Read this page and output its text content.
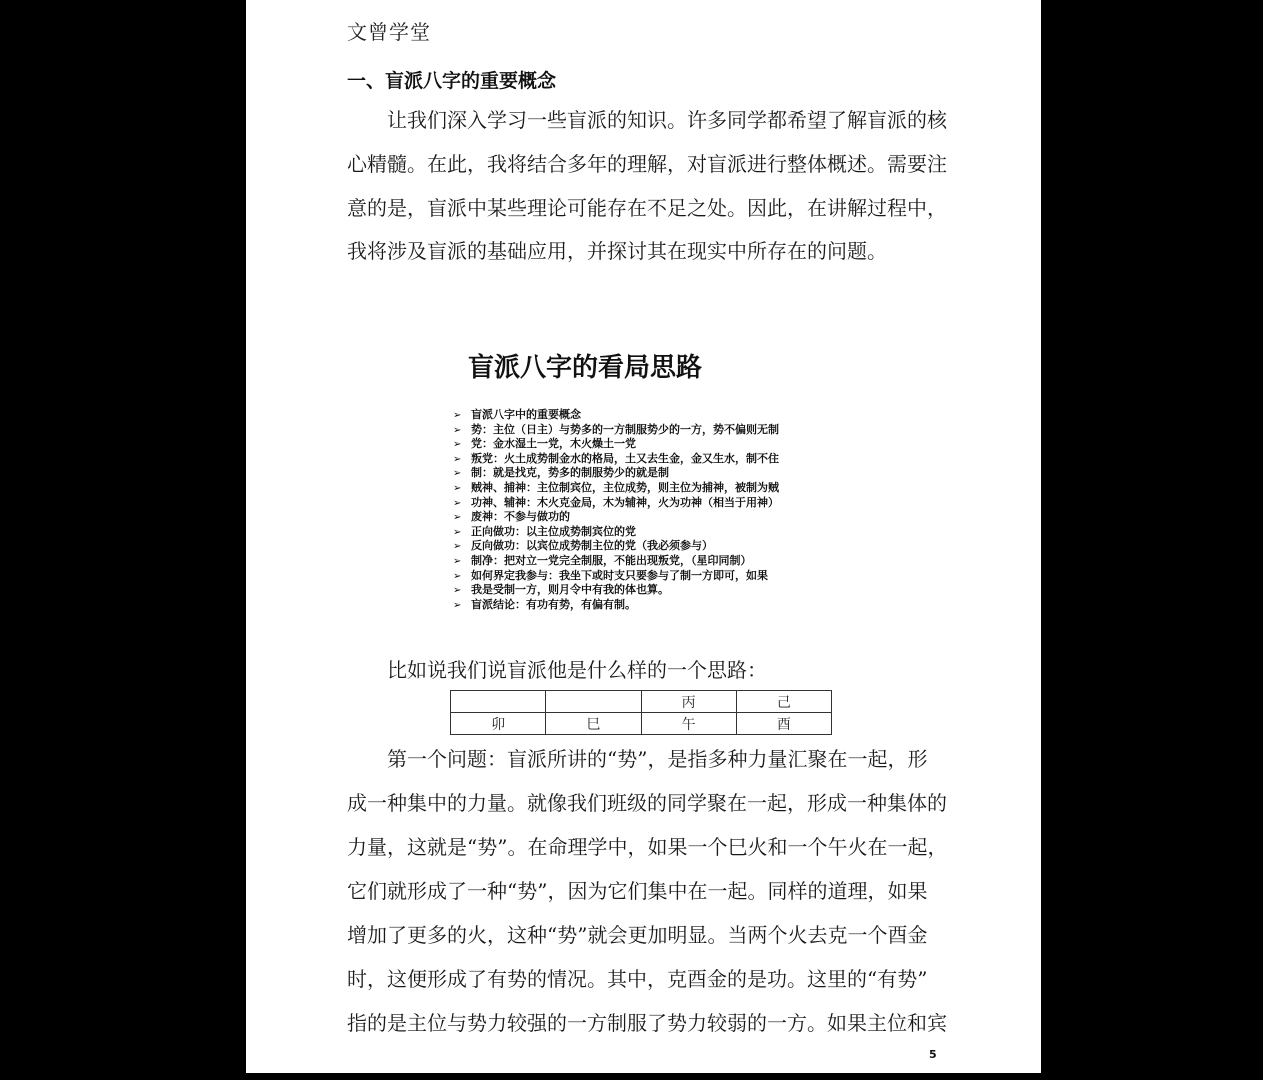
文曾学堂
一、盲派八字的重要概念
让我们深入学习一些盲派的知识。许多同学都希望了解盲派的核
心精髓。在此，我将结合多年的理解，对盲派进行整体概述。需要注
意的是，盲派中某些理论可能存在不足之处。因此，在讲解过程中，
我将涉及盲派的基础应用，并探讨其在现实中所存在的问题。
盲派八字的看局思路
➢ 盲派八字中的重要概念
➢ 势：主位（日主）与势多的一方制服势少的一方，势不偏则无制
➢ 党：金水湿土一党，木火燥土一党
➢ 叛党：火土成势制金水的格局，土又去生金，金又生水，制不住
➢ 制：就是找克，势多的制服势少的就是制
➢ 贼神、捕神：主位制宾位，主位成势，则主位为捕神，被制为贼
➢ 功神、辅神：木火克金局，木为辅神，火为功神（相当于用神）
➢ 废神：不参与做功的
➢ 正向做功：以主位成势制宾位的党
➢ 反向做功：以宾位成势制主位的党（我必须参与）
➢ 制净：把对立一党完全制服，不能出现叛党，（星印同制）
➢ 如何界定我参与：我坐下或时支只要参与了制一方即可，如果
➢ 我是受制一方，则月令中有我的体也算。
➢ 盲派结论：有功有势，有偏有制。
比如说我们说盲派他是什么样的一个思路：
		丙	己
卯	巳	午	酉
第一个问题：盲派所讲的“势”，是指多种力量汇聚在一起，形
成一种集中的力量。就像我们班级的同学聚在一起，形成一种集体的
力量，这就是“势”。在命理学中，如果一个巳火和一个午火在一起，
它们就形成了一种“势”，因为它们集中在一起。同样的道理，如果
增加了更多的火，这种“势”就会更加明显。当两个火去克一个酉金
时，这便形成了有势的情况。其中，克酉金的是功。这里的“有势”
指的是主位与势力较强的一方制服了势力较弱的一方。如果主位和宾
5
